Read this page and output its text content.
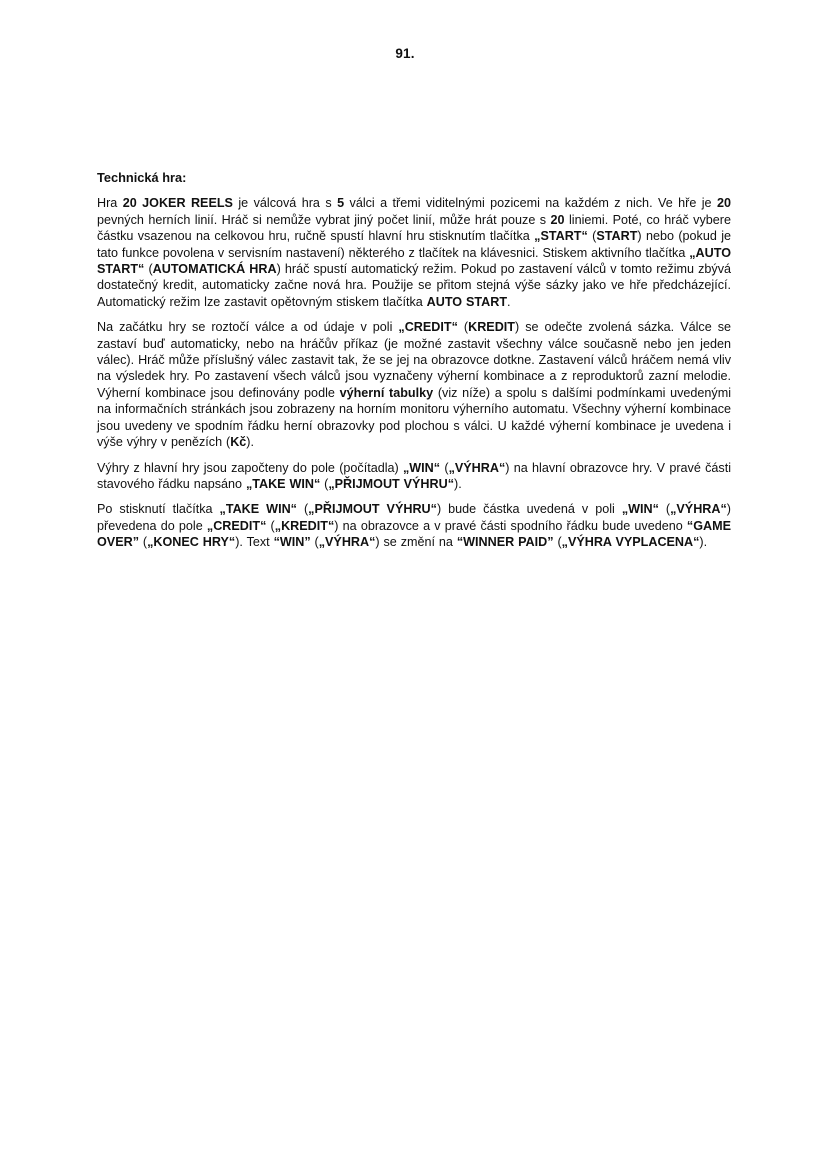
91.

Technická hra:

Hra 20 JOKER REELS je válcová hra s 5 válci a třemi viditelnými pozicemi na každém z nich. Ve hře je 20 pevných herních linií. Hráč si nemůže vybrat jiný počet linií, může hrát pouze s 20 liniemi. Poté, co hráč vybere částku vsazenou na celkovou hru, ručně spustí hlavní hru stisknutím tlačítka „START“ (START) nebo (pokud je tato funkce povolena v servisním nastavení) některého z tlačítek na klávesnici. Stiskem aktivního tlačítka „AUTO START“ (AUTOMATICKÁ HRA) hráč spustí automatický režim. Pokud po zastavení válců v tomto režimu zbývá dostatečný kredit, automaticky začne nová hra. Použije se přitom stejná výše sázky jako ve hře předcházející. Automatický režim lze zastavit opětovným stiskem tlačítka AUTO START.

Na začátku hry se roztočí válce a od údaje v poli „CREDIT“ (KREDIT) se odečte zvolená sázka. Válce se zastaví buď automaticky, nebo na hráčův příkaz (je možné zastavit všechny válce současně nebo jen jeden válec). Hráč může příslušný válec zastavit tak, že se jej na obrazovce dotkne. Zastavení válců hráčem nemá vliv na výsledek hry. Po zastavení všech válců jsou vyznačeny výherní kombinace a z reproduktorů zazní melodie. Výherní kombinace jsou definovány podle výherní tabulky (viz níže) a spolu s dalšími podmínkami uvedenými na informačních stránkách jsou zobrazeny na horním monitoru výherního automatu. Všechny výherní kombinace jsou uvedeny ve spodním řádku herní obrazovky pod plochou s válci. U každé výherní kombinace je uvedena i výše výhry v penězích (Kč).

Výhry z hlavní hry jsou započteny do pole (počítadla) „WIN“ („VÝHRA“) na hlavní obrazovce hry. V pravé části stavového řádku napsáno „TAKE WIN“ („PŘIJMOUT VÝHRU“).

Po stisknutí tlačítka „TAKE WIN“ („PŘIJMOUT VÝHRU“) bude částka uvedená v poli „WIN“ („VÝHRA“) převedena do pole „CREDIT“ („KREDIT“) na obrazovce a v pravé části spodního řádku bude uvedeno “GAME OVER” („KONEC HRY“). Text “WIN” („VÝHRA“) se změní na “WINNER PAID” („VÝHRA VYPLACENA“).
